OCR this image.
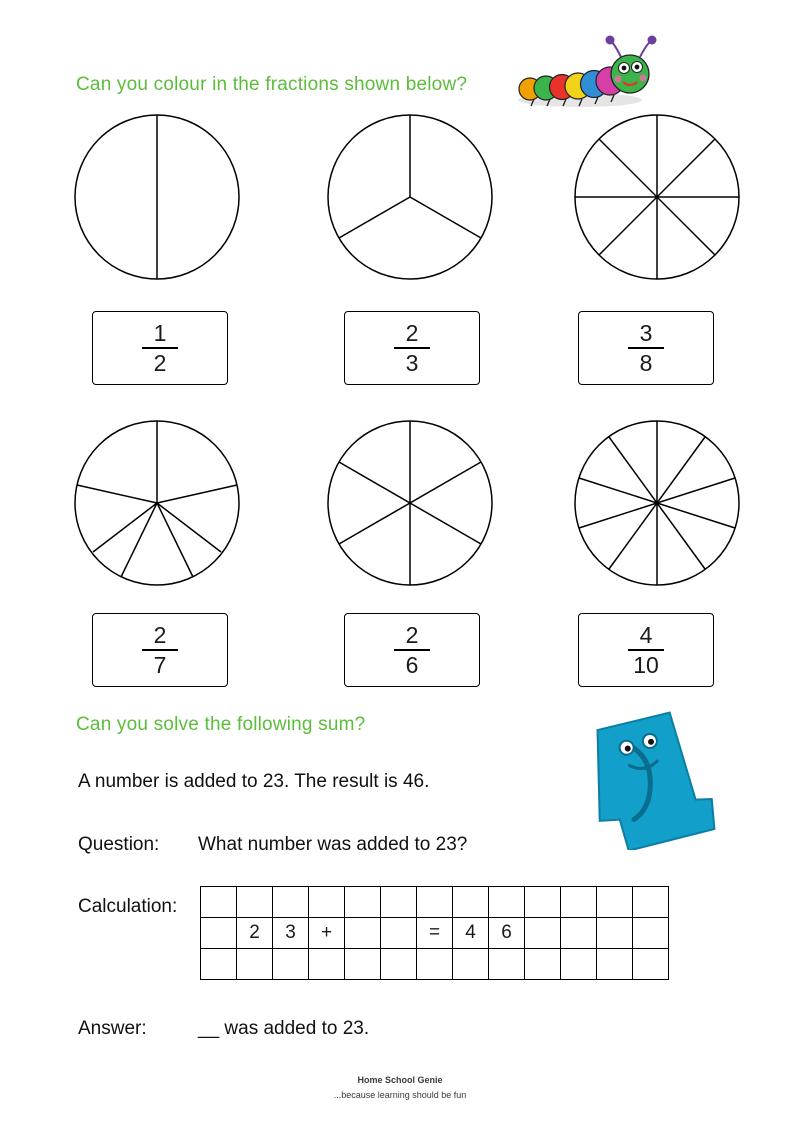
Can you colour in the fractions shown below?
1
2
2
3
3
8
2
7
2
6
4
10
Can you solve the following sum?
A number is added to 23. The result is 46.
Question: What number was added to 23?
Calculation:

	2	3	+			=	4	6				

Answer:	__ was added to 23.
Home School Genie
...because learning should be fun
